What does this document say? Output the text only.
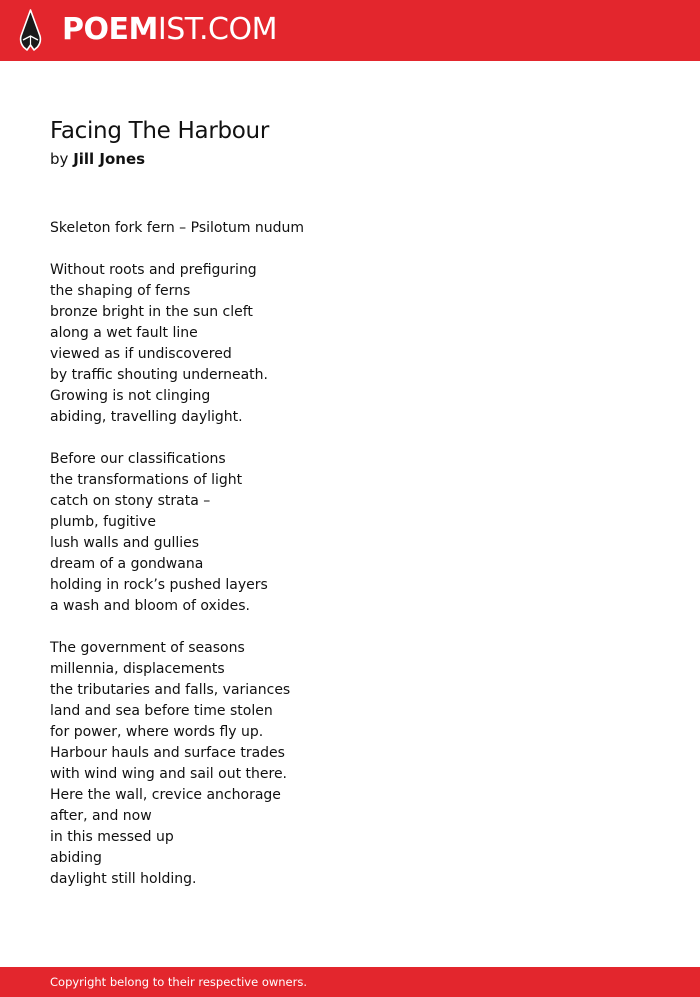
POEMIST.COM
Facing The Harbour
by Jill Jones
Skeleton fork fern – Psilotum nudum
Without roots and prefiguring
the shaping of ferns
bronze bright in the sun cleft
along a wet fault line
viewed as if undiscovered
by traffic shouting underneath.
Growing is not clinging
abiding, travelling daylight.
Before our classifications
the transformations of light
catch on stony strata –
plumb, fugitive
lush walls and gullies
dream of a gondwana
holding in rock’s pushed layers
a wash and bloom of oxides.
The government of seasons
millennia, displacements
the tributaries and falls, variances
land and sea before time stolen
for power, where words fly up.
Harbour hauls and surface trades
with wind wing and sail out there.
Here the wall, crevice anchorage
after, and now
in this messed up
abiding
daylight still holding.
Copyright belong to their respective owners.
